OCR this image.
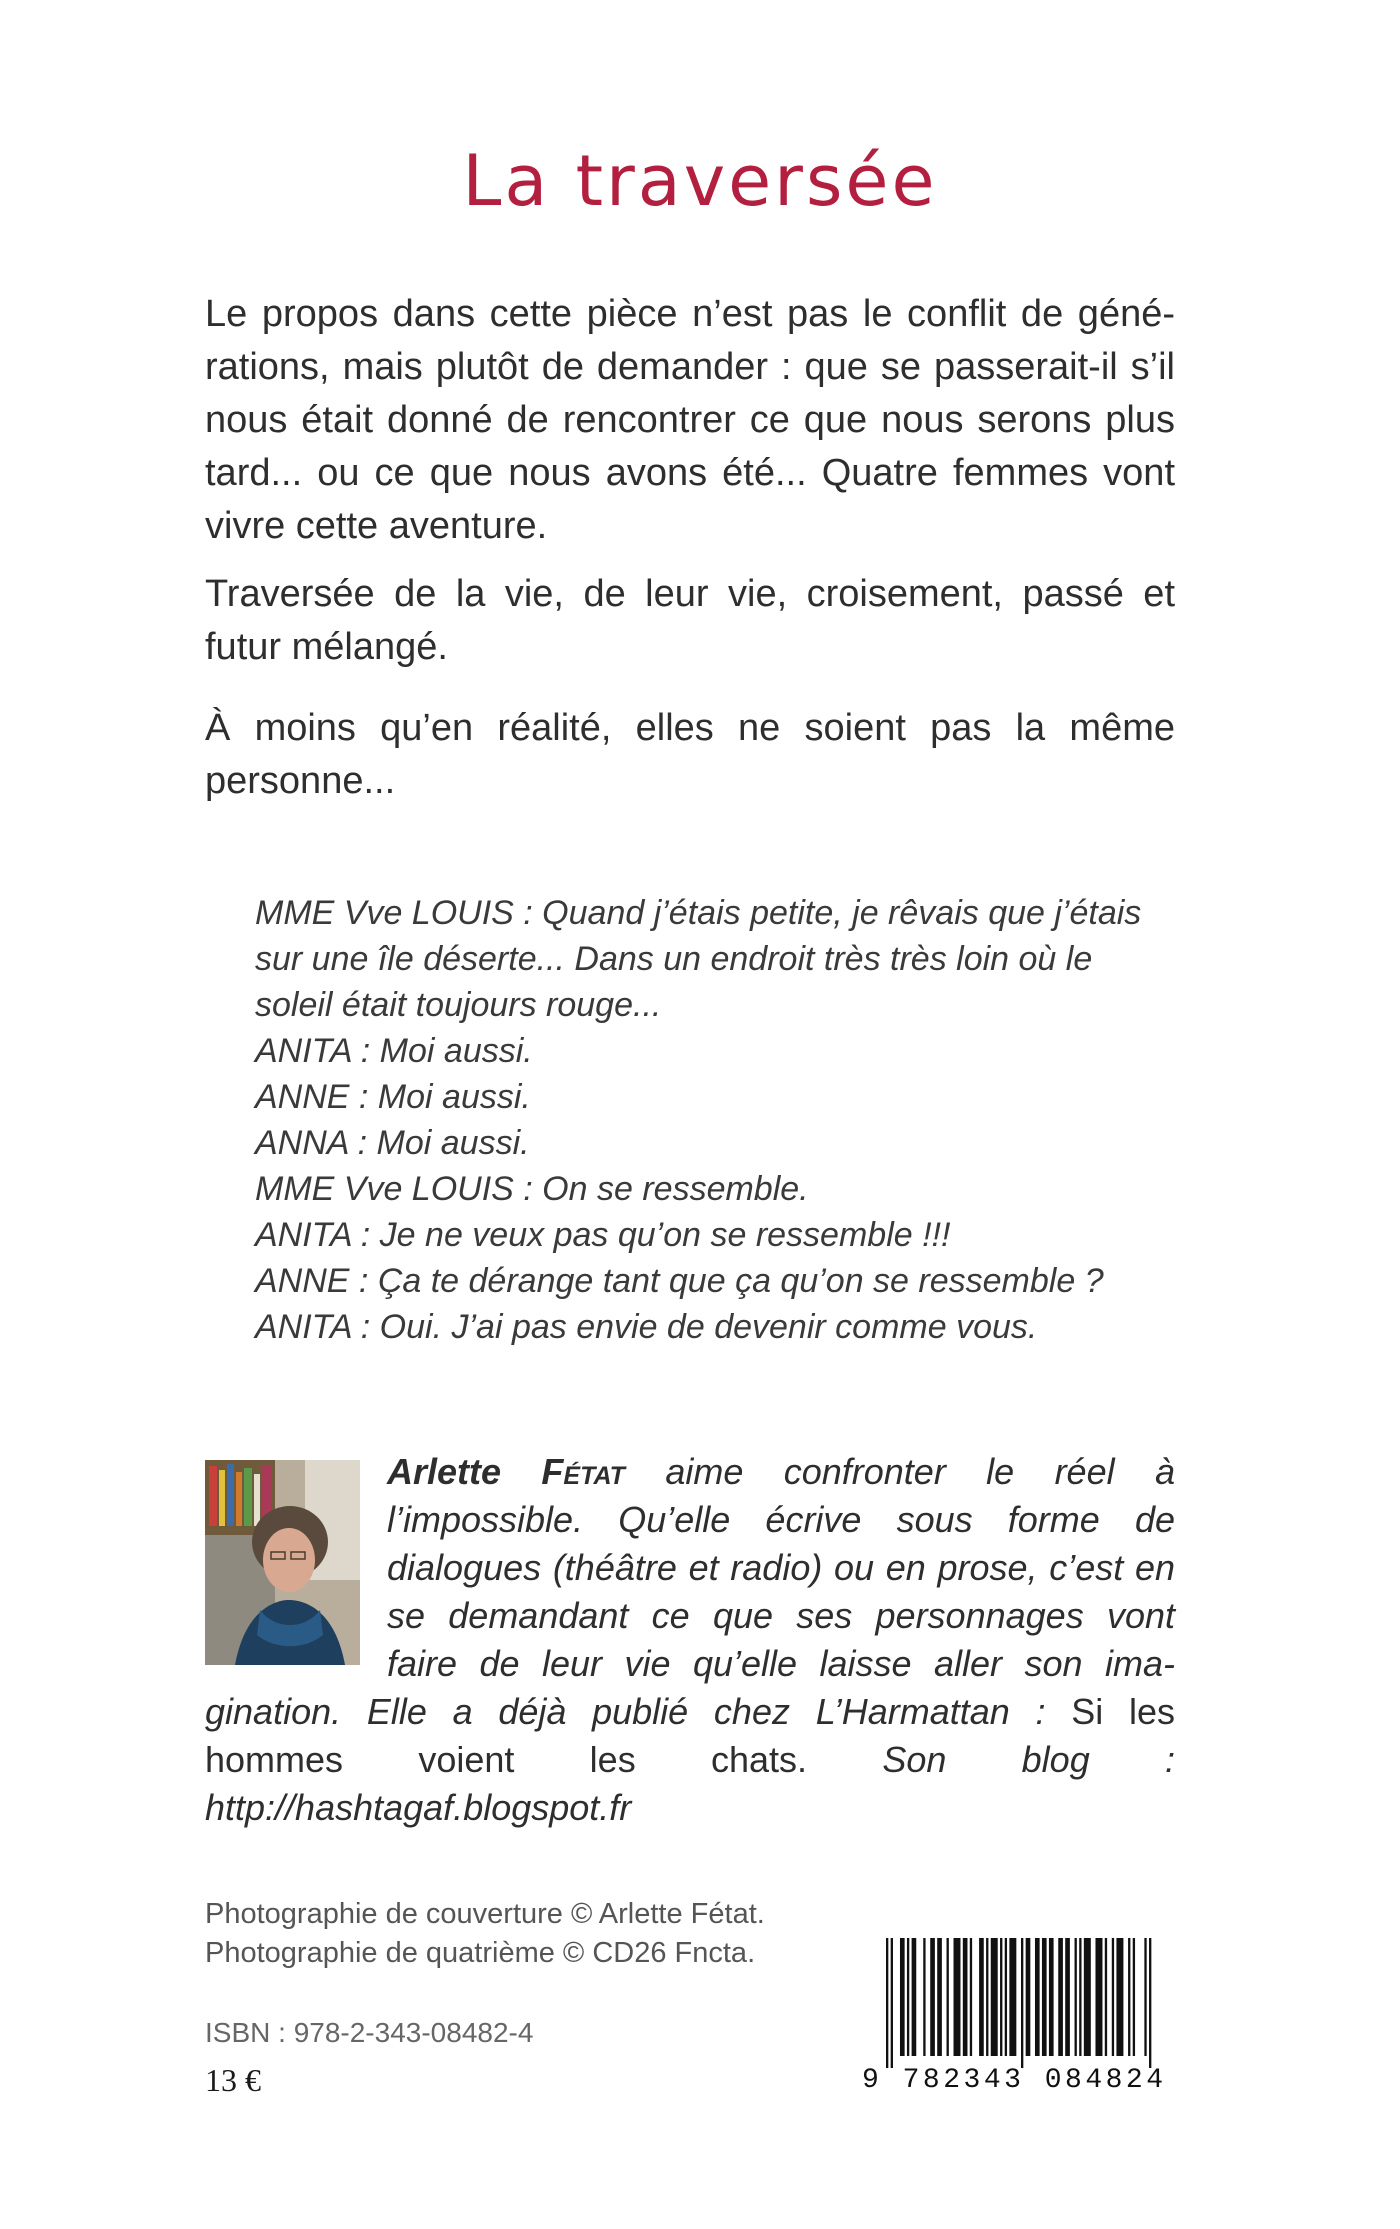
La traversée

Le propos dans cette pièce n’est pas le conflit de générations, mais plutôt de demander : que se passerait-il s’il nous était donné de rencontrer ce que nous serons plus tard... ou ce que nous avons été... Quatre femmes vont vivre cette aventure.

Traversée de la vie, de leur vie, croisement, passé et futur mélangé.

À moins qu’en réalité, elles ne soient pas la même personne...

MME Vve LOUIS : Quand j’étais petite, je rêvais que j’étais sur une île déserte... Dans un endroit très très loin où le soleil était toujours rouge...

ANITA : Moi aussi.

ANNE : Moi aussi.

ANNA : Moi aussi.

MME Vve LOUIS : On se ressemble.

ANITA : Je ne veux pas qu’on se ressemble !!!

ANNE : Ça te dérange tant que ça qu’on se ressemble ?

ANITA : Oui. J’ai pas envie de devenir comme vous.

Arlette Fétat aime confronter le réel à l’impossible. Qu’elle écrive sous forme de dialogues (théâtre et radio) ou en prose, c’est en se demandant ce que ses personnages vont faire de leur vie qu’elle laisse aller son imagination. Elle a déjà publié chez L’Harmattan : Si les hommes voient les chats. Son blog : http://hashtagaf.blogspot.fr
Photographie de couverture © Arlette Fétat.
Photographie de quatrième © CD26 Fncta.
ISBN : 978-2-343-08482-4
13 €	9 782343 084824
